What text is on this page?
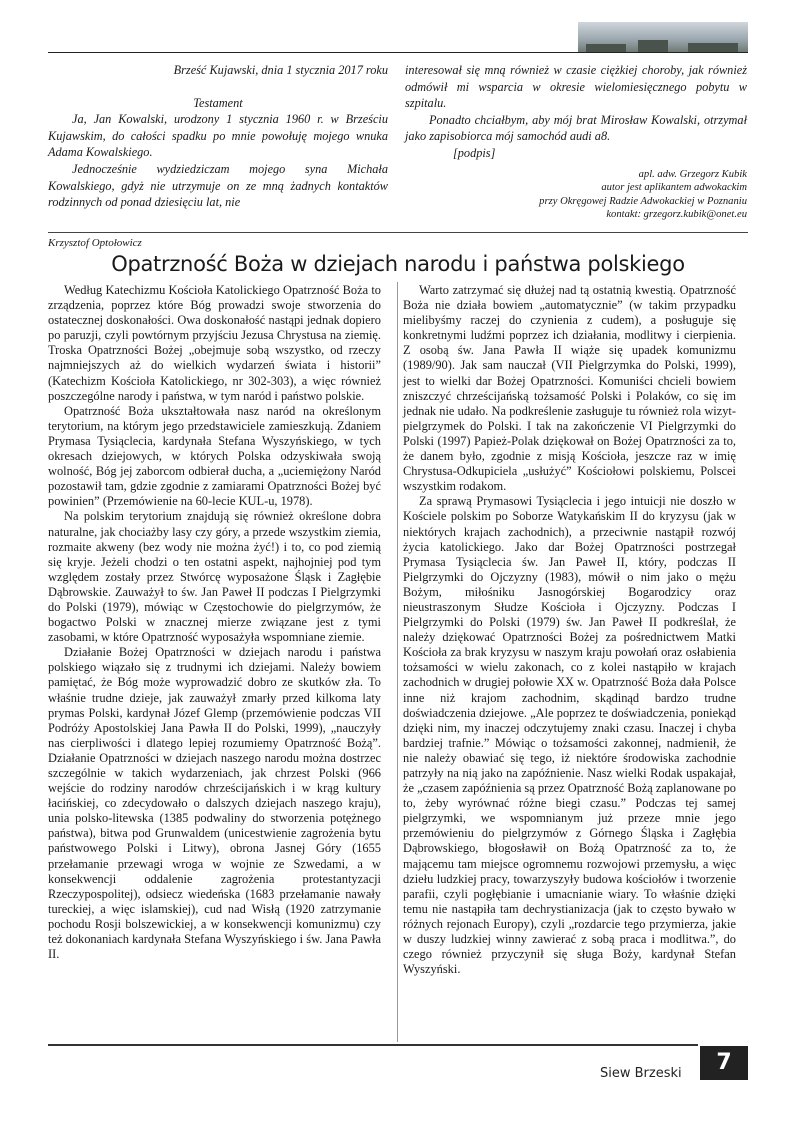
Brześć Kujawski, dnia 1 stycznia 2017 roku

Testament

Ja, Jan Kowalski, urodzony 1 stycznia 1960 r. w Brześciu Kujawskim, do całości spadku po mnie powołuję mojego wnuka Adama Kowalskiego.

Jednocześnie wydziedziczam mojego syna Michała Kowalskiego, gdyż nie utrzymuje on ze mną żadnych kontaktów rodzinnych od ponad dziesięciu lat, nie

interesował się mną również w czasie ciężkiej choroby, jak również odmówił mi wsparcia w okresie wielomiesięcznego pobytu w szpitalu.

Ponadto chciałbym, aby mój brat Mirosław Kowalski, otrzymał jako zapisobiorca mój samochód audi a8.

[podpis]

apl. adw. Grzegorz Kubik

autor jest aplikantem adwokackim

przy Okręgowej Radzie Adwokackiej w Poznaniu

kontakt: grzegorz.kubik@onet.eu

Krzysztof Optołowicz
Opatrzność Boża w dziejach narodu i państwa polskiego

Według Katechizmu Kościoła Katolickiego Opatrzność Boża to zrządzenia, poprzez które Bóg prowadzi swoje stworzenia do ostatecznej doskonałości. Owa doskonałość nastąpi jednak dopiero po paruzji, czyli powtórnym przyjściu Jezusa Chrystusa na ziemię. Troska Opatrzności Bożej „obejmuje sobą wszystko, od rzeczy najmniejszych aż do wielkich wydarzeń świata i historii” (Katechizm Kościoła Katolickiego, nr 302-303), a więc również poszczególne narody i państwa, w tym naród i państwo polskie.

Opatrzność Boża ukształtowała nasz naród na określonym terytorium, na którym jego przedstawiciele zamieszkują. Zdaniem Prymasa Tysiąclecia, kardynała Stefana Wyszyńskiego, w tych okresach dziejowych, w których Polska odzyskiwała swoją wolność, Bóg jej zaborcom odbierał ducha, a „uciemiężony Naród pozostawił tam, gdzie zgodnie z zamiarami Opatrzności Bożej być powinien” (Przemówienie na 60-lecie KUL-u, 1978).

Na polskim terytorium znajdują się również określone dobra naturalne, jak chociażby lasy czy góry, a przede wszystkim ziemia, rozmaite akweny (bez wody nie można żyć!) i to, co pod ziemią się kryje. Jeżeli chodzi o ten ostatni aspekt, najhojniej pod tym względem zostały przez Stwórcę wyposażone Śląsk i Zagłębie Dąbrowskie. Zauważył to św. Jan Paweł II podczas I Pielgrzymki do Polski (1979), mówiąc w Częstochowie do pielgrzymów, że bogactwo Polski w znacznej mierze związane jest z tymi zasobami, w które Opatrzność wyposażyła wspomniane ziemie.

Działanie Bożej Opatrzności w dziejach narodu i państwa polskiego wiązało się z trudnymi ich dziejami. Należy bowiem pamiętać, że Bóg może wyprowadzić dobro ze skutków zła. To właśnie trudne dzieje, jak zauważył zmarły przed kilkoma laty prymas Polski, kardynał Józef Glemp (przemówienie podczas VII Podróży Apostolskiej Jana Pawła II do Polski, 1999), „nauczyły nas cierpliwości i dlatego lepiej rozumiemy Opatrzność Bożą”. Działanie Opatrzności w dziejach naszego narodu można dostrzec szczególnie w takich wydarzeniach, jak chrzest Polski (966 wejście do rodziny narodów chrześcijańskich i w krąg kultury łacińskiej, co zdecydowało o dalszych dziejach naszego kraju), unia polsko-litewska (1385 podwaliny do stworzenia potężnego państwa), bitwa pod Grunwaldem (unicestwienie zagrożenia bytu państwowego Polski i Litwy), obrona Jasnej Góry (1655 przełamanie przewagi wroga w wojnie ze Szwedami, a w konsekwencji oddalenie zagrożenia protestantyzacji Rzeczypospolitej), odsiecz wiedeńska (1683 przełamanie nawały tureckiej, a więc islamskiej), cud nad Wisłą (1920 zatrzymanie pochodu Rosji bolszewickiej, a w konsekwencji komunizmu) czy też dokonaniach kardynała Stefana Wyszyńskiego i św. Jana Pawła II.

Warto zatrzymać się dłużej nad tą ostatnią kwestią. Opatrzność Boża nie działa bowiem „automatycznie” (w takim przypadku mielibyśmy raczej do czynienia z cudem), a posługuje się konkretnymi ludźmi poprzez ich działania, modlitwy i cierpienia. Z osobą św. Jana Pawła II wiąże się upadek komunizmu (1989/90). Jak sam nauczał (VII Pielgrzymka do Polski, 1999), jest to wielki dar Bożej Opatrzności. Komuniści chcieli bowiem zniszczyć chrześcijańską tożsamość Polski i Polaków, co się im jednak nie udało. Na podkreślenie zasługuje tu również rola wizyt-pielgrzymek do Polski. I tak na zakończenie VI Pielgrzymki do Polski (1997) Papież-Polak dziękował on Bożej Opatrzności za to, że danem było, zgodnie z misją Kościoła, jeszcze raz w imię Chrystusa-Odkupiciela „usłużyć” Kościołowi polskiemu, Polscei wszystkim rodakom.

Za sprawą Prymasowi Tysiąclecia i jego intuicji nie doszło w Kościele polskim po Soborze Watykańskim II do kryzysu (jak w niektórych krajach zachodnich), a przeciwnie nastąpił rozwój życia katolickiego. Jako dar Bożej Opatrzności postrzegał Prymasa Tysiąclecia św. Jan Paweł II, który, podczas II Pielgrzymki do Ojczyzny (1983), mówił o nim jako o mężu Bożym, miłośniku Jasnogórskiej Bogarodzicy oraz nieustraszonym Słudze Kościoła i Ojczyzny. Podczas I Pielgrzymki do Polski (1979) św. Jan Paweł II podkreślał, że należy dziękować Opatrzności Bożej za pośrednictwem Matki Kościoła za brak kryzysu w naszym kraju powołań oraz osłabienia tożsamości w wielu zakonach, co z kolei nastąpiło w krajach zachodnich w drugiej połowie XX w. Opatrzność Boża dała Polsce inne niż krajom zachodnim, skądinąd bardzo trudne doświadczenia dziejowe. „Ale poprzez te doświadczenia, poniekąd dzięki nim, my inaczej odczytujemy znaki czasu. Inaczej i chyba bardziej trafnie.” Mówiąc o tożsamości zakonnej, nadmienił, że nie należy obawiać się tego, iż niektóre środowiska zachodnie patrzyły na nią jako na zapóźnienie. Nasz wielki Rodak uspakajał, że „czasem zapóźnienia są przez Opatrzność Bożą zaplanowane po to, żeby wyrównać różne biegi czasu.” Podczas tej samej pielgrzymki, we wspomnianym już przeze mnie jego przemówieniu do pielgrzymów z Górnego Śląska i Zagłębia Dąbrowskiego, błogosławił on Bożą Opatrzność za to, że mającemu tam miejsce ogromnemu rozwojowi przemysłu, a więc dziełu ludzkiej pracy, towarzyszyły budowa kościołów i tworzenie parafii, czyli pogłębianie i umacnianie wiary. To właśnie dzięki temu nie nastąpiła tam dechrystianizacja (jak to często bywało w różnych rejonach Europy), czyli „rozdarcie tego przymierza, jakie w duszy ludzkiej winny zawierać z sobą praca i modlitwa.”, do czego również przyczynił się sługa Boży, kardynał Stefan Wyszyński.

Siew Brzeski	7
